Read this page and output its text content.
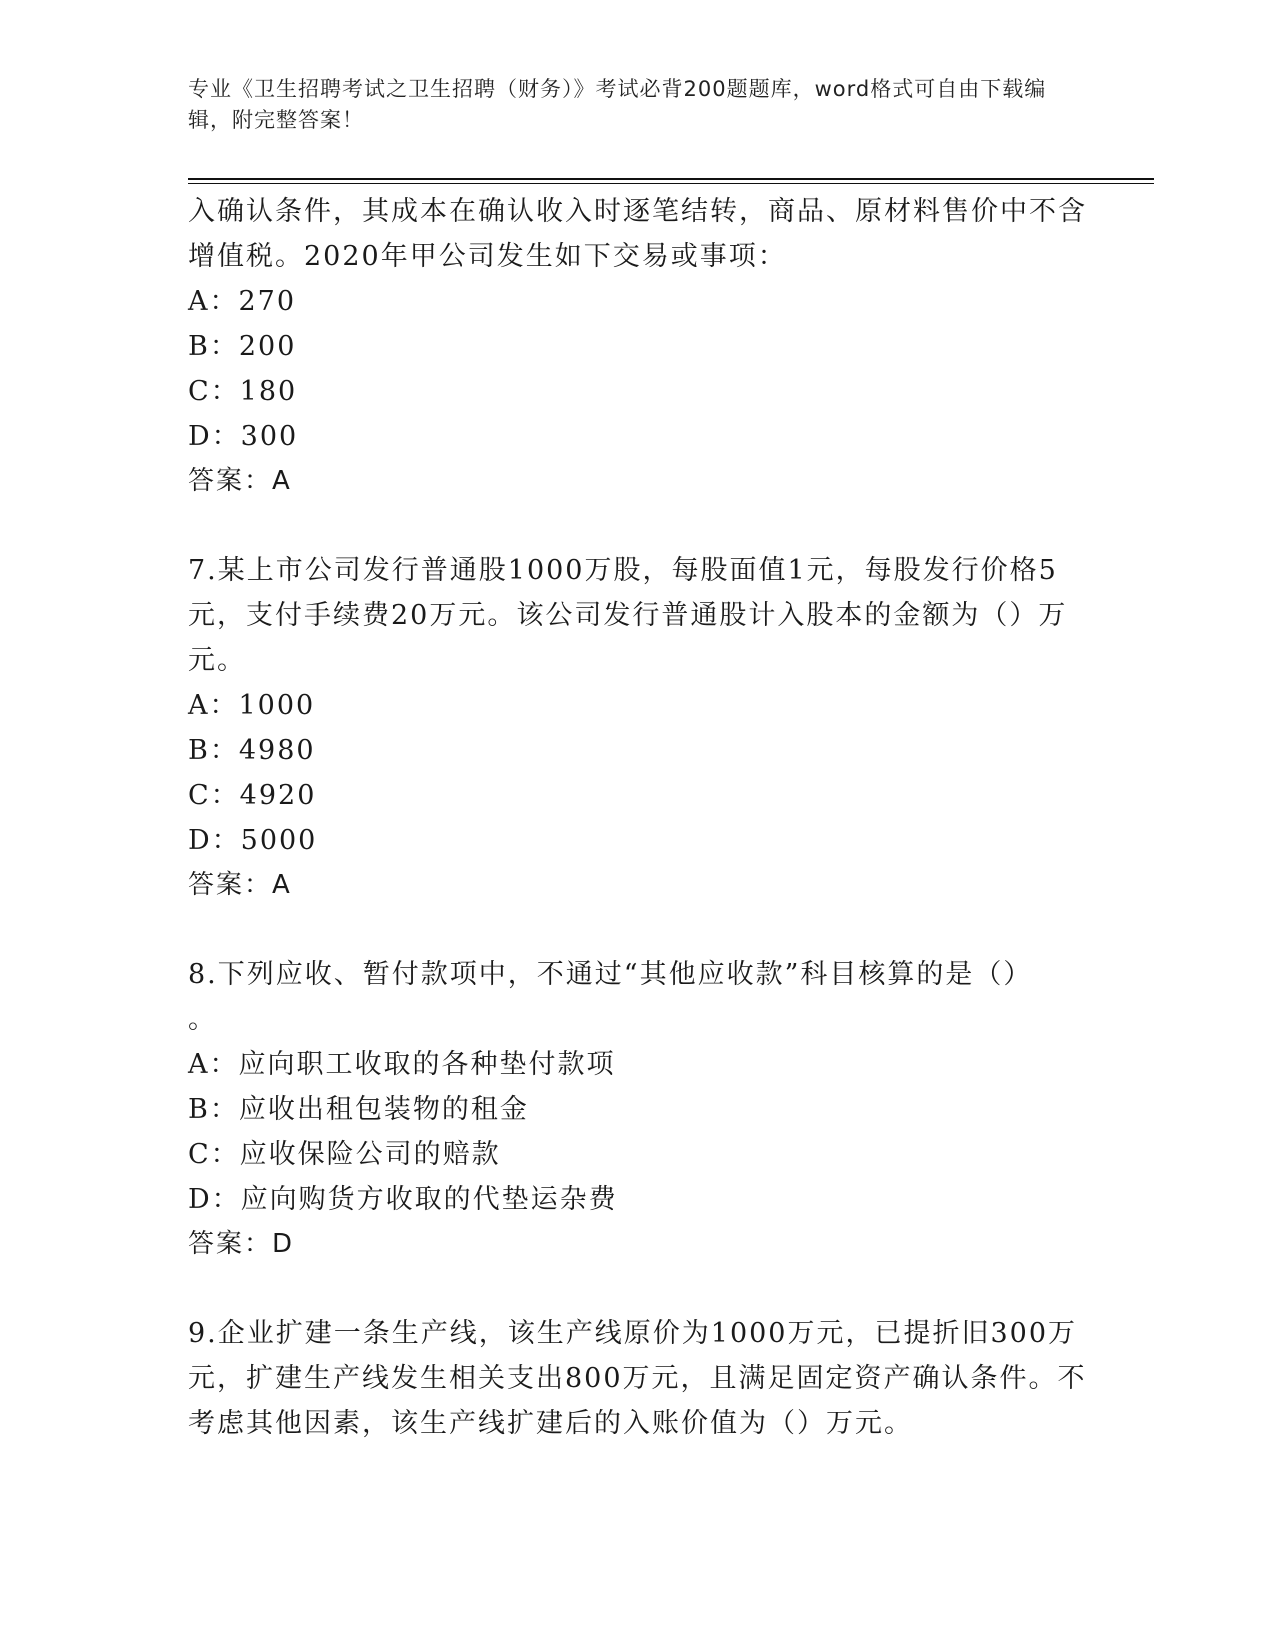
专业《卫生招聘考试之卫生招聘（财务）》考试必背200题题库，word格式可自由下载编辑，附完整答案！
入确认条件，其成本在确认收入时逐笔结转，商品、原材料售价中不含增值税。2020年甲公司发生如下交易或事项：
A：270
B：200
C：180
D：300
答案：A
7.某上市公司发行普通股1000万股，每股面值1元，每股发行价格5元，支付手续费20万元。该公司发行普通股计入股本的金额为（）万元。
A：1000
B：4980
C：4920
D：5000
答案：A
8.下列应收、暂付款项中，不通过“其他应收款”科目核算的是（）
。
A：应向职工收取的各种垫付款项
B：应收出租包装物的租金
C：应收保险公司的赔款
D：应向购货方收取的代垫运杂费
答案：D
9.企业扩建一条生产线，该生产线原价为1000万元，已提折旧300万元，扩建生产线发生相关支出800万元，且满足固定资产确认条件。不考虑其他因素，该生产线扩建后的入账价值为（）万元。
